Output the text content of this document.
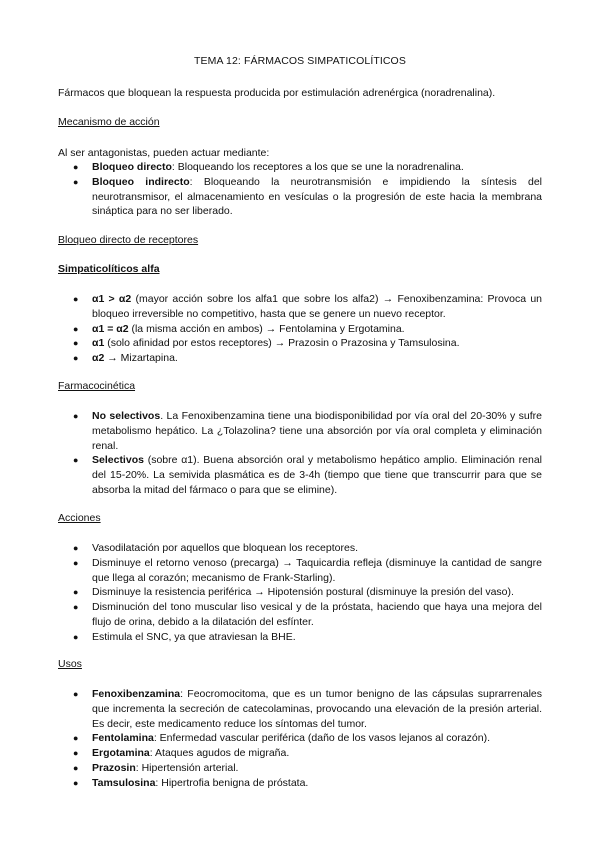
TEMA 12: FÁRMACOS SIMPATICOLÍTICOS
Fármacos que bloquean la respuesta producida por estimulación adrenérgica (noradrenalina).
Mecanismo de acción
Al ser antagonistas, pueden actuar mediante:
● Bloqueo directo: Bloqueando los receptores a los que se une la noradrenalina.
● Bloqueo indirecto: Bloqueando la neurotransmisión e impidiendo la síntesis del neurotransmisor, el almacenamiento en vesículas o la progresión de este hacia la membrana sináptica para no ser liberado.
Bloqueo directo de receptores
Simpaticolíticos alfa
● α1 > α2 (mayor acción sobre los alfa1 que sobre los alfa2) → Fenoxibenzamina: Provoca un bloqueo irreversible no competitivo, hasta que se genere un nuevo receptor.
● α1 = α2 (la misma acción en ambos) → Fentolamina y Ergotamina.
● α1 (solo afinidad por estos receptores) → Prazosin o Prazosina y Tamsulosina.
● α2 → Mizartapina.
Farmacocinética
● No selectivos. La Fenoxibenzamina tiene una biodisponibilidad por vía oral del 20-30% y sufre metabolismo hepático. La ¿Tolazolina? tiene una absorción por vía oral completa y eliminación renal.
● Selectivos (sobre α1). Buena absorción oral y metabolismo hepático amplio. Eliminación renal del 15-20%. La semivida plasmática es de 3-4h (tiempo que tiene que transcurrir para que se absorba la mitad del fármaco o para que se elimine).
Acciones
● Vasodilatación por aquellos que bloquean los receptores.
● Disminuye el retorno venoso (precarga) → Taquicardia refleja (disminuye la cantidad de sangre que llega al corazón; mecanismo de Frank-Starling).
● Disminuye la resistencia periférica → Hipotensión postural (disminuye la presión del vaso).
● Disminución del tono muscular liso vesical y de la próstata, haciendo que haya una mejora del flujo de orina, debido a la dilatación del esfínter.
● Estimula el SNC, ya que atraviesan la BHE.
Usos
● Fenoxibenzamina: Feocromocitoma, que es un tumor benigno de las cápsulas suprarrenales que incrementa la secreción de catecolaminas, provocando una elevación de la presión arterial. Es decir, este medicamento reduce los síntomas del tumor.
● Fentolamina: Enfermedad vascular periférica (daño de los vasos lejanos al corazón).
● Ergotamina: Ataques agudos de migraña.
● Prazosin: Hipertensión arterial.
● Tamsulosina: Hipertrofia benigna de próstata.
